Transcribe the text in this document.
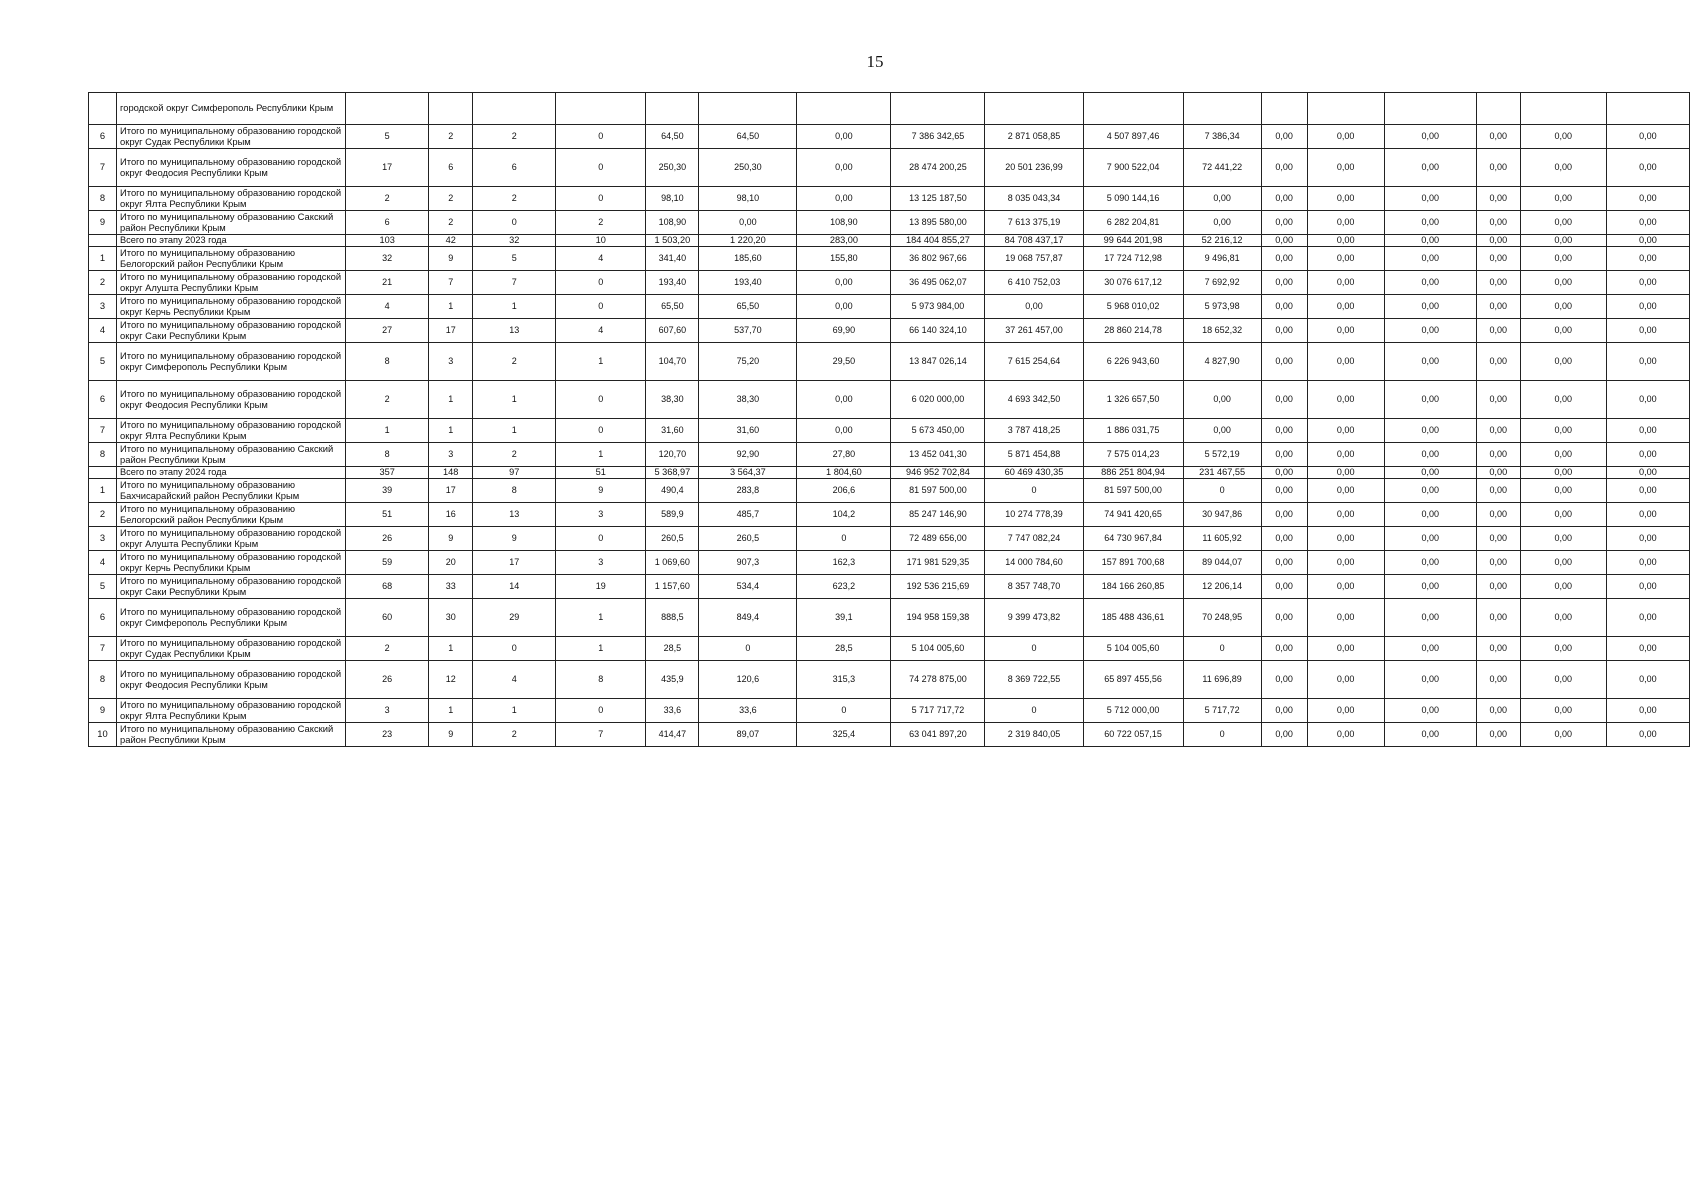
15
	городской округ Симферополь Республики Крым																	
6	Итого по муниципальному образованию городской округ Судак Республики Крым	5	2	2	0	64,50	64,50	0,00	7 386 342,65	2 871 058,85	4 507 897,46	7 386,34	0,00	0,00	0,00	0,00	0,00	0,00
7	Итого по муниципальному образованию городской округ Феодосия Республики Крым	17	6	6	0	250,30	250,30	0,00	28 474 200,25	20 501 236,99	7 900 522,04	72 441,22	0,00	0,00	0,00	0,00	0,00	0,00
8	Итого по муниципальному образованию городской округ Ялта Республики Крым	2	2	2	0	98,10	98,10	0,00	13 125 187,50	8 035 043,34	5 090 144,16	0,00	0,00	0,00	0,00	0,00	0,00	0,00
9	Итого по муниципальному образованию Сакский район Республики Крым	6	2	0	2	108,90	0,00	108,90	13 895 580,00	7 613 375,19	6 282 204,81	0,00	0,00	0,00	0,00	0,00	0,00	0,00
	Всего по этапу 2023 года	103	42	32	10	1 503,20	1 220,20	283,00	184 404 855,27	84 708 437,17	99 644 201,98	52 216,12	0,00	0,00	0,00	0,00	0,00	0,00
1	Итого по муниципальному образованию Белогорский район Республики Крым	32	9	5	4	341,40	185,60	155,80	36 802 967,66	19 068 757,87	17 724 712,98	9 496,81	0,00	0,00	0,00	0,00	0,00	0,00
2	Итого по муниципальному образованию городской округ Алушта Республики Крым	21	7	7	0	193,40	193,40	0,00	36 495 062,07	6 410 752,03	30 076 617,12	7 692,92	0,00	0,00	0,00	0,00	0,00	0,00
3	Итого по муниципальному образованию городской округ Керчь Республики Крым	4	1	1	0	65,50	65,50	0,00	5 973 984,00	0,00	5 968 010,02	5 973,98	0,00	0,00	0,00	0,00	0,00	0,00
4	Итого по муниципальному образованию городской округ Саки Республики Крым	27	17	13	4	607,60	537,70	69,90	66 140 324,10	37 261 457,00	28 860 214,78	18 652,32	0,00	0,00	0,00	0,00	0,00	0,00
5	Итого по муниципальному образованию городской округ Симферополь Республики Крым	8	3	2	1	104,70	75,20	29,50	13 847 026,14	7 615 254,64	6 226 943,60	4 827,90	0,00	0,00	0,00	0,00	0,00	0,00
6	Итого по муниципальному образованию городской округ Феодосия Республики Крым	2	1	1	0	38,30	38,30	0,00	6 020 000,00	4 693 342,50	1 326 657,50	0,00	0,00	0,00	0,00	0,00	0,00	0,00
7	Итого по муниципальному образованию городской округ Ялта Республики Крым	1	1	1	0	31,60	31,60	0,00	5 673 450,00	3 787 418,25	1 886 031,75	0,00	0,00	0,00	0,00	0,00	0,00	0,00
8	Итого по муниципальному образованию Сакский район Республики Крым	8	3	2	1	120,70	92,90	27,80	13 452 041,30	5 871 454,88	7 575 014,23	5 572,19	0,00	0,00	0,00	0,00	0,00	0,00
	Всего по этапу 2024 года	357	148	97	51	5 368,97	3 564,37	1 804,60	946 952 702,84	60 469 430,35	886 251 804,94	231 467,55	0,00	0,00	0,00	0,00	0,00	0,00
1	Итого по муниципальному образованию Бахчисарайский район Республики Крым	39	17	8	9	490,4	283,8	206,6	81 597 500,00	0	81 597 500,00	0	0,00	0,00	0,00	0,00	0,00	0,00
2	Итого по муниципальному образованию Белогорский район Республики Крым	51	16	13	3	589,9	485,7	104,2	85 247 146,90	10 274 778,39	74 941 420,65	30 947,86	0,00	0,00	0,00	0,00	0,00	0,00
3	Итого по муниципальному образованию городской округ Алушта Республики Крым	26	9	9	0	260,5	260,5	0	72 489 656,00	7 747 082,24	64 730 967,84	11 605,92	0,00	0,00	0,00	0,00	0,00	0,00
4	Итого по муниципальному образованию городской округ Керчь Республики Крым	59	20	17	3	1 069,60	907,3	162,3	171 981 529,35	14 000 784,60	157 891 700,68	89 044,07	0,00	0,00	0,00	0,00	0,00	0,00
5	Итого по муниципальному образованию городской округ Саки Республики Крым	68	33	14	19	1 157,60	534,4	623,2	192 536 215,69	8 357 748,70	184 166 260,85	12 206,14	0,00	0,00	0,00	0,00	0,00	0,00
6	Итого по муниципальному образованию городской округ Симферополь Республики Крым	60	30	29	1	888,5	849,4	39,1	194 958 159,38	9 399 473,82	185 488 436,61	70 248,95	0,00	0,00	0,00	0,00	0,00	0,00
7	Итого по муниципальному образованию городской округ Судак Республики Крым	2	1	0	1	28,5	0	28,5	5 104 005,60	0	5 104 005,60	0	0,00	0,00	0,00	0,00	0,00	0,00
8	Итого по муниципальному образованию городской округ Феодосия Республики Крым	26	12	4	8	435,9	120,6	315,3	74 278 875,00	8 369 722,55	65 897 455,56	11 696,89	0,00	0,00	0,00	0,00	0,00	0,00
9	Итого по муниципальному образованию городской округ Ялта Республики Крым	3	1	1	0	33,6	33,6	0	5 717 717,72	0	5 712 000,00	5 717,72	0,00	0,00	0,00	0,00	0,00	0,00
10	Итого по муниципальному образованию Сакский район Республики Крым	23	9	2	7	414,47	89,07	325,4	63 041 897,20	2 319 840,05	60 722 057,15	0	0,00	0,00	0,00	0,00	0,00	0,00
